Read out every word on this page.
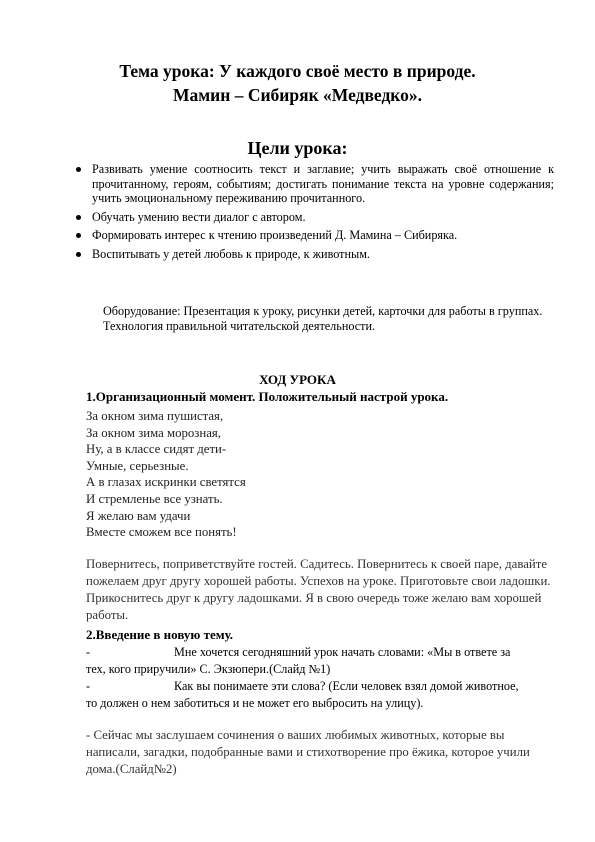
Тема урока: У каждого своё место в природе.
Мамин – Сибиряк «Медведко».
Цели урока:
Развивать умение соотносить текст и заглавие; учить выражать своё отношение к прочитанному, героям, событиям; достигать понимание текста на уровне содержания; учить эмоциональному переживанию прочитанного.
Обучать умению вести диалог с автором.
Формировать интерес к чтению произведений Д. Мамина – Сибиряка.
Воспитывать у детей любовь к природе, к животным.
Оборудование: Презентация к уроку, рисунки детей, карточки для работы в группах.
Технология правильной читательской деятельности.
ХОД УРОКА
1.Организационный момент. Положительный настрой урока.
За окном зима пушистая,
За окном зима морозная,
Ну, а в классе сидят дети-
Умные, серьезные.
А в глазах искринки светятся
И стремленье все узнать.
Я желаю вам удачи
Вместе сможем все понять!
Повернитесь, поприветствуйте гостей. Садитесь. Повернитесь к своей паре, давайте пожелаем друг другу хорошей работы. Успехов на уроке. Приготовьте свои ладошки. Прикоснитесь друг к другу ладошками. Я в свою очередь тоже желаю вам хорошей работы.
2.Введение в новую тему.
-	Мне хочется сегодняшний урок начать словами: «Мы в ответе за
тех, кого приручили» С. Экзюпери.(Слайд №1)
-	Как вы понимаете эти слова? (Если человек взял домой животное,
то должен о нем заботиться и не может его выбросить на улицу).
- Сейчас мы заслушаем сочинения о ваших любимых животных, которые вы написали, загадки, подобранные вами и стихотворение про ёжика, которое учили дома.(Слайд№2)
